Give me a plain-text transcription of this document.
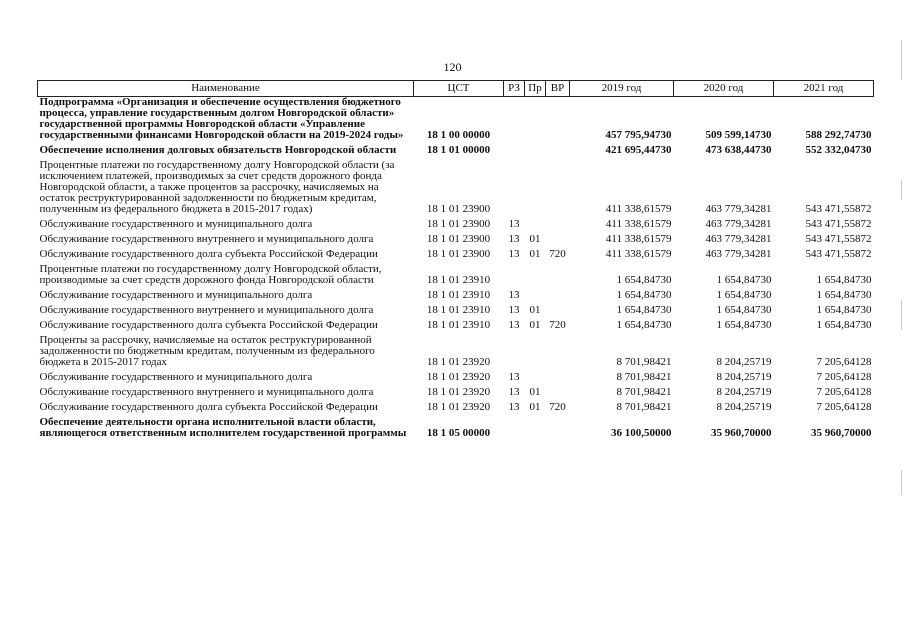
120
Наименование	ЦСТ	РЗ	Пр	ВР	2019 год	2020 год	2021 год
Подпрограмма «Организация и обеспечение осуществления бюджетного процесса, управление государственным долгом Новгородской области» государственной программы Новгородской области «Управление государственными финансами Новгородской области на 2019-2024 годы»	18 1 00 00000				457 795,94730	509 599,14730	588 292,74730
Обеспечение исполнения долговых обязательств Новгородской области	18 1 01 00000				421 695,44730	473 638,44730	552 332,04730
Процентные платежи по государственному долгу Новгородской области (за исключением платежей, производимых за счет средств дорожного фонда Новгородской области, а также процентов за рассрочку, начисляемых на остаток реструктурированной задолженности по бюджетным кредитам, полученным из федерального бюджета в 2015-2017 годах)	18 1 01 23900				411 338,61579	463 779,34281	543 471,55872
Обслуживание государственного и муниципального долга	18 1 01 23900	13			411 338,61579	463 779,34281	543 471,55872
Обслуживание государственного внутреннего и муниципального долга	18 1 01 23900	13	01		411 338,61579	463 779,34281	543 471,55872
Обслуживание государственного долга субъекта Российской Федерации	18 1 01 23900	13	01	720	411 338,61579	463 779,34281	543 471,55872
Процентные платежи по государственному долгу Новгородской области, производимые за счет средств дорожного фонда Новгородской области	18 1 01 23910				1 654,84730	1 654,84730	1 654,84730
Обслуживание государственного и муниципального долга	18 1 01 23910	13			1 654,84730	1 654,84730	1 654,84730
Обслуживание государственного внутреннего и муниципального долга	18 1 01 23910	13	01		1 654,84730	1 654,84730	1 654,84730
Обслуживание государственного долга субъекта Российской Федерации	18 1 01 23910	13	01	720	1 654,84730	1 654,84730	1 654,84730
Проценты за рассрочку, начисляемые на остаток реструктурированной задолженности по бюджетным кредитам, полученным из федерального бюджета в 2015-2017 годах	18 1 01 23920				8 701,98421	8 204,25719	7 205,64128
Обслуживание государственного и муниципального долга	18 1 01 23920	13			8 701,98421	8 204,25719	7 205,64128
Обслуживание государственного внутреннего и муниципального долга	18 1 01 23920	13	01		8 701,98421	8 204,25719	7 205,64128
Обслуживание государственного долга субъекта Российской Федерации	18 1 01 23920	13	01	720	8 701,98421	8 204,25719	7 205,64128
Обеспечение деятельности органа исполнительной власти области, являющегося ответственным исполнителем государственной программы	18 1 05 00000				36 100,50000	35 960,70000	35 960,70000
